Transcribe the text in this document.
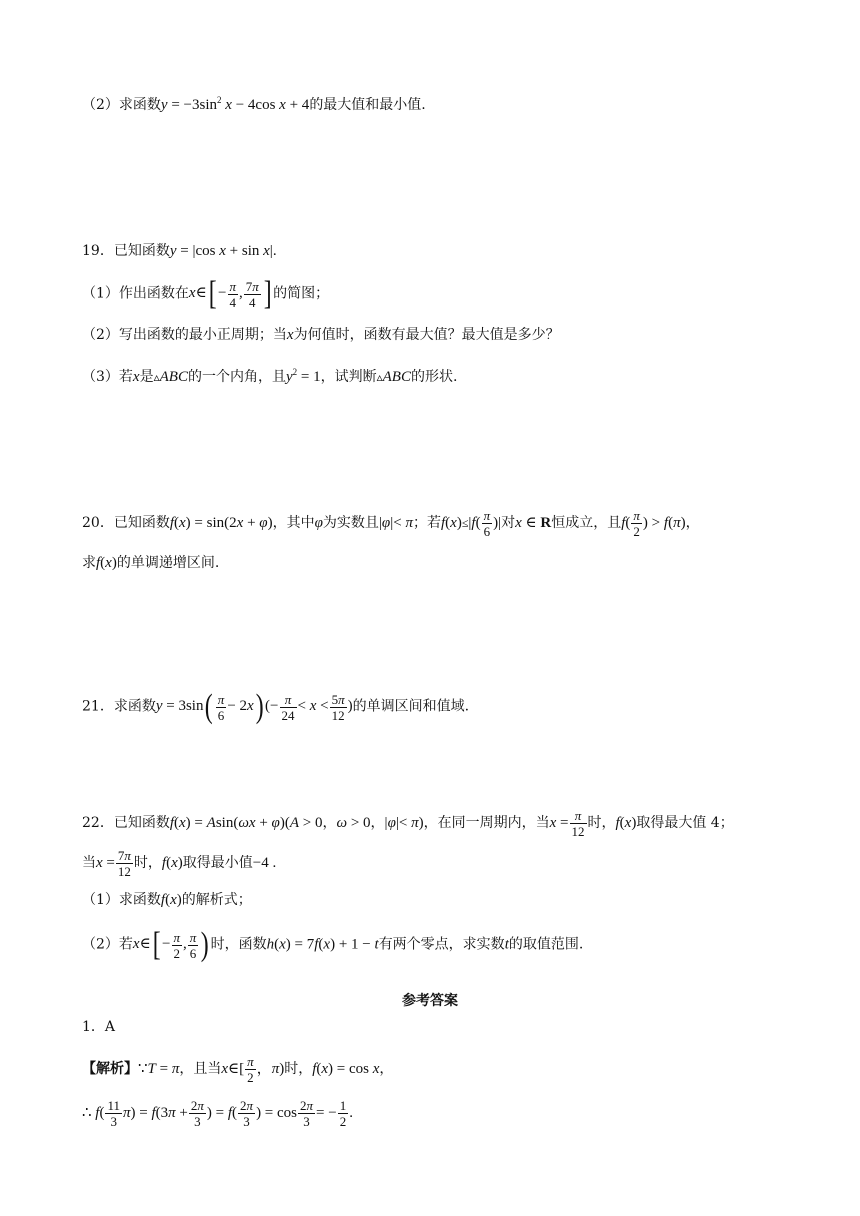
（2）求函数$y = -3\sin^2$ x − 4cos x + 4的最大值和最小值.
19．已知函数y = |cos x + sin x|.
（1）作出函数在x∈[ − $\frac{\pi}{4}$ , $\frac{7\pi}{4}$ ] 的简图；
（2）写出函数的最小正周期；当x为何值时，函数有最大值？最大值是多少？
（3）若x是▵ABC的一个内角，且$y^2 = 1$，试判断▵ABC的形状.
20．已知函数f(x) = sin(2x + φ)，其中φ为实数且|φ|< π；若$f(x)\le|f( \frac{\pi}{6}$ )|对x ∈ R恒成立，且$f( \frac{\pi}{2}$ ) > f(π)，
求f(x)的单调递增区间.
21．求函数$y = 3\sin( \frac{\pi}{6} - 2x)$ (− $\frac{\pi}{24} < x < \frac{5\pi}{12}$ )的单调区间和值域.
22．已知函数f(x) = Asin(ωx + φ)(A > 0，ω > 0，|φ|< π)，在同一周期内，当$x = \frac{\pi}{12}$ 时，f(x)取得最大值 4；
当$x = \frac{7\pi}{12}$ 时，f(x)取得最小值−4 .
（1）求函数f(x)的解析式；
（2）若x∈[ − $\frac{\pi}{2}$ , $\frac{\pi}{6}$ ) 时，函数h(x) = 7f(x) + 1 − t有两个零点，求实数t的取值范围.
参考答案
1．A
【解析】∵T = π，且当x∈[ $\frac{\pi}{2}$ ，π)时，f(x) = cos x，
∴ $f( \frac{11}{3} \pi) = f(3\pi + \frac{2\pi}{3}$ ) = $f( \frac{2\pi}{3}$ ) = $\cos \frac{2\pi}{3}$ = − $\frac{1}{2}$ .
